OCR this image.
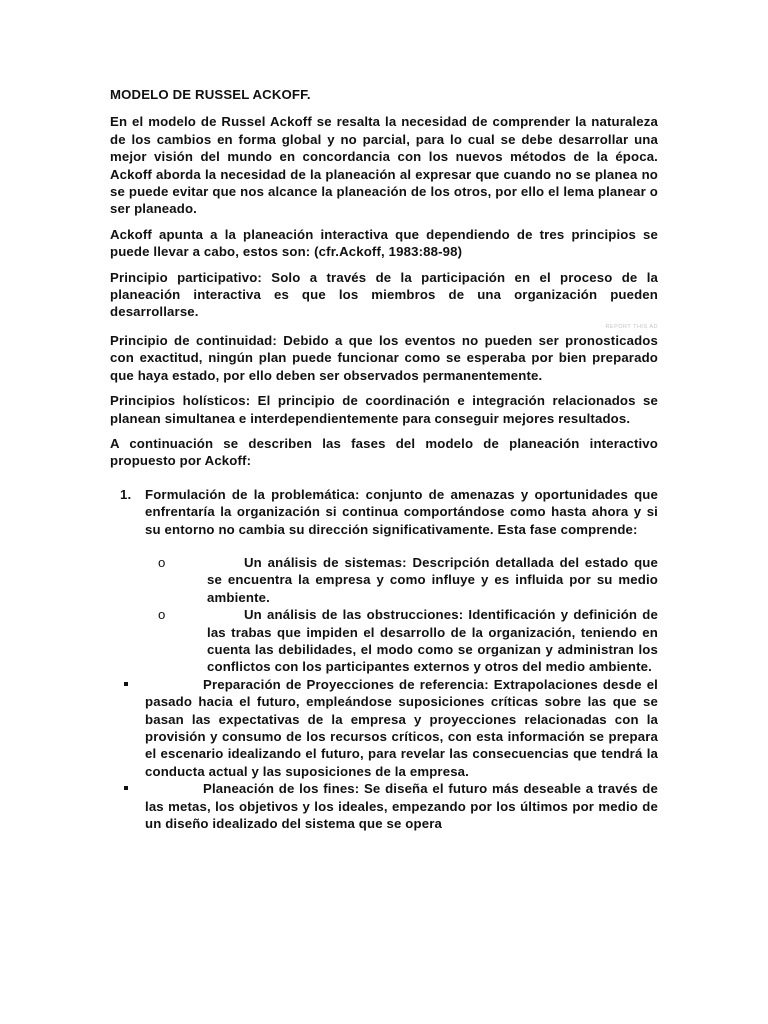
MODELO DE RUSSEL ACKOFF.

En el modelo de Russel Ackoff se resalta la necesidad de comprender la naturaleza de los cambios en forma global y no parcial, para lo cual se debe desarrollar una mejor visión del mundo en concordancia con los nuevos métodos de la época. Ackoff aborda la necesidad de la planeación al expresar que cuando no se planea no se puede evitar que nos alcance la planeación de los otros, por ello el lema planear o ser planeado.

Ackoff apunta a la planeación interactiva que dependiendo de tres principios se puede llevar a cabo, estos son: (cfr.Ackoff, 1983:88-98)

Principio participativo: Solo a través de la participación en el proceso de la planeación interactiva es que los miembros de una organización pueden desarrollarse.

REPORT THIS AD

Principio de continuidad: Debido a que los eventos no pueden ser pronosticados con exactitud, ningún plan puede funcionar como se esperaba por bien preparado que haya estado, por ello deben ser observados permanentemente.

Principios holísticos: El principio de coordinación e integración relacionados se planean simultanea e interdependientemente para conseguir mejores resultados.

A continuación se describen las fases del modelo de planeación interactivo propuesto por Ackoff:

1. Formulación de la problemática: conjunto de amenazas y oportunidades que enfrentaría la organización si continua comportándose como hasta ahora y si su entorno no cambia su dirección significativamente. Esta fase comprende:
o	Un análisis de sistemas: Descripción detallada del estado que se encuentra la empresa y como influye y es influida por su medio ambiente.
o	Un análisis de las obstrucciones: Identificación y definición de las trabas que impiden el desarrollo de la organización, teniendo en cuenta las debilidades, el modo como se organizan y administran los conflictos con los participantes externos y otros del medio ambiente.
Preparación de Proyecciones de referencia: Extrapolaciones desde el pasado hacia el futuro, empleándose suposiciones críticas sobre las que se basan las expectativas de la empresa y proyecciones relacionadas con la provisión y consumo de los recursos críticos, con esta información se prepara el escenario idealizando el futuro, para revelar las consecuencias que tendrá la conducta actual y las suposiciones de la empresa.
Planeación de los fines: Se diseña el futuro más deseable a través de las metas, los objetivos y los ideales, empezando por los últimos por medio de un diseño idealizado del sistema que se opera
